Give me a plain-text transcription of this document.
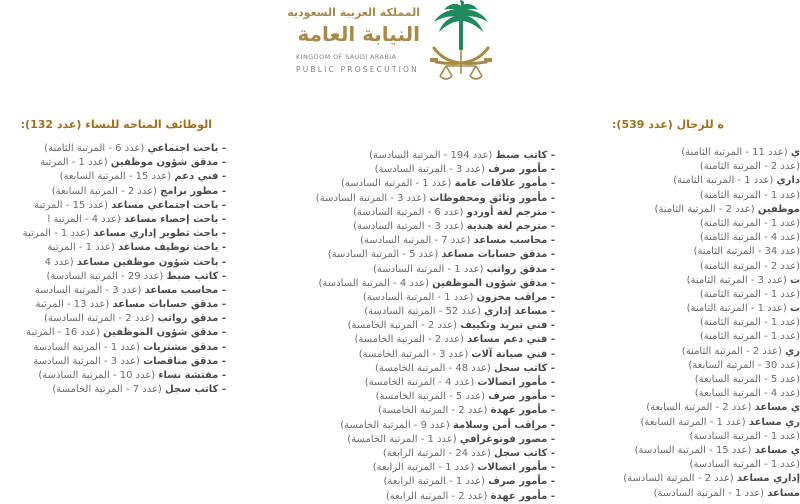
المملكة العربية السعودية
النيابة العامة
KINGDOM OF SAUDI ARABIA
PUBLIC PROSECUTION
الوظائف المتاحة للنساء (عدد 132):	ة للرجال (عدد 539):
- باحث اجتماعي (عدد 6 - المرتبة الثامنة)
- مدقق شؤون موظفين (عدد 1 - المرتبة
- فني دعم (عدد 15 - المرتبة السابعة)
- مطور برامج (عدد 2 - المرتبة السابعة)
- باحث اجتماعي مساعد (عدد 15 - المرتبة
- باحث إحصاء مساعد (عدد 4 - المرتبة ا
- باحث تطوير إداري مساعد (عدد 1 - المرتبة
- باحث توظيف مساعد (عدد 1 - المرتبة
- باحث شؤون موظفين مساعد (عدد 4
- كاتب ضبط (عدد 29 - المرتبة السادسة)
- محاسب مساعد (عدد 3 - المرتبة السادسة
- مدقق حسابات مساعد (عدد 13 - المرتبة
- مدقق رواتب (عدد 2 - المرتبة السادسة)
- مدقق شؤون الموظفين (عدد 16 - المرتبة
- مدقق مشتريات (عدد 1 - المرتبة السادسة
- مدقق مناقصات (عدد 3 - المرتبة السادسة
- مفتشة نساء (عدد 10 - المرتبة السادسة)
- كاتب سجل (عدد 7 - المرتبة الخامسة)
- كاتب ضبط (عدد 194 - المرتبة السادسة)
- مأمور صرف (عدد 3 - المرتبة السادسة)
- مأمور علاقات عامة (عدد 1 - المرتبة السادسة)
- مأمور وثائق ومحفوظات (عدد 3 - المرتبة السادسة)
- مترجم لغة أوردو (عدد 6 - المرتبة السادسة)
- مترجم لغة هندية (عدد 3 - المرتبة السادسة)
- محاسب مساعد (عدد 7 - المرتبة السادسة)
- مدقق حسابات مساعد (عدد 5 - المرتبة السادسة)
- مدقق رواتب (عدد 1 - المرتبة السادسة)
- مدقق شؤون الموظفين (عدد 4 - المرتبة السادسة)
- مراقب مخزون (عدد 1 - المرتبة السادسة)
- مساعد إداري (عدد 52 - المرتبة السادسة)
- فني تبريد وتكييف (عدد 2 - المرتبة الخامسة)
- فني دعم مساعد (عدد 2 - المرتبة الخامسة)
- فني صيانة آلات (عدد 3 - المرتبة الخامسة)
- كاتب سجل (عدد 48 - المرتبة الخامسة)
- مأمور اتصالات (عدد 4 - المرتبة الخامسة)
- مأمور صرف (عدد 5 - المرتبة الخامسة)
- مأمور عهدة (عدد 2 - المرتبة الخامسة)
- مراقب أمن وسلامة (عدد 9 - المرتبة الخامسة)
- مصور فوتوغرافي (عدد 1 - المرتبة الخامسة)
- كاتب سجل (عدد 24 - المرتبة الرابعة)
- مأمور اتصالات (عدد 1 - المرتبة الرابعة)
- مأمور صرف (عدد 1 - المرتبة الرابعة)
- مأمور عهدة (عدد 2 - المرتبة الرابعة)
ي (عدد 11 - المرتبة الثامنة)
(عدد 2 - المرتبة الثامنة)
داري (عدد 1 - المرتبة الثامنة)
(عدد 1 - المرتبة الثامنة)
موظفين (عدد 2 - المرتبة الثامنة)
(عدد 1 - المرتبة الثامنة)
(عدد 4 - المرتبة الثامنة)
(عدد 34 - المرتبة الثامنة)
(عدد 2 - المرتبة الثامنة)
ت (عدد 3 - المرتبة الثامنة)
(عدد 1 - المرتبة الثامنة)
ت (عدد 1 - المرتبة الثامنة)
(عدد 1 - المرتبة الثامنة)
(عدد 1 - المرتبة الثامنة)
ري (عدد 2 - المرتبة الثامنة)
(عدد 30 - المرتبة السابعة)
(عدد 5 - المرتبة السابعة)
(عدد 4 - المرتبة السابعة)
ي مساعد (عدد 2 - المرتبة السابعة)
ري مساعد (عدد 1 - المرتبة السابعة)
(عدد 1 - المرتبة السادسة)
ي مساعد (عدد 15 - المرتبة السادسة)
(عدد 1 - المرتبة السادسة)
إداري مساعد (عدد 2 - المرتبة السادسة)
مساعد (عدد 1 - المرتبة السادسة)
